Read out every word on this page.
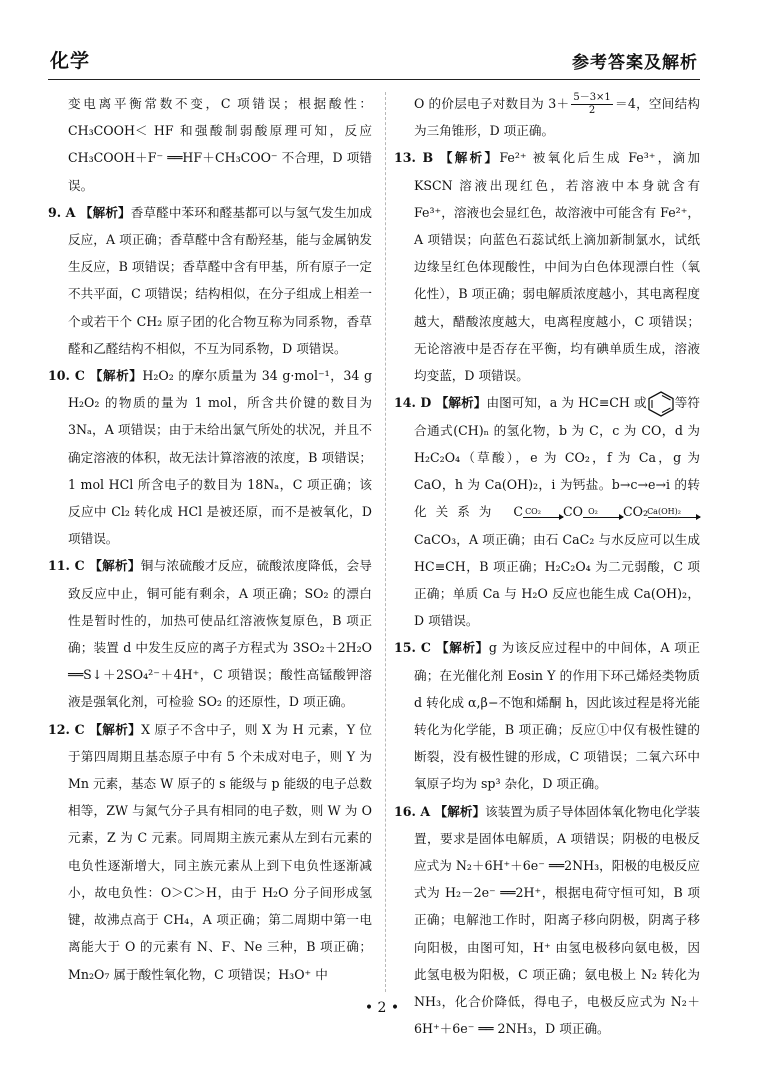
化学	参考答案及解析

变电离平衡常数不变，C 项错误；根据酸性：CH₃COOH＜ HF 和强酸制弱酸原理可知，反应 CH₃COOH＋F⁻ ══HF＋CH₃COO⁻ 不合理，D 项错误。

9. A 【解析】香草醛中苯环和醛基都可以与氢气发生加成反应，A 项正确；香草醛中含有酚羟基，能与金属钠发生反应，B 项错误；香草醛中含有甲基，所有原子一定不共平面，C 项错误；结构相似，在分子组成上相差一个或若干个 CH₂ 原子团的化合物互称为同系物，香草醛和乙醛结构不相似，不互为同系物，D 项错误。

10. C 【解析】H₂O₂ 的摩尔质量为 34 g·mol⁻¹，34 g H₂O₂ 的物质的量为 1 mol，所含共价键的数目为 3Nₐ，A 项错误；由于未给出氯气所处的状况，并且不确定溶液的体积，故无法计算溶液的浓度，B 项错误；1 mol HCl 所含电子的数目为 18Nₐ，C 项正确；该反应中 Cl₂ 转化成 HCl 是被还原，而不是被氧化，D 项错误。

11. C 【解析】铜与浓硫酸才反应，硫酸浓度降低，会导致反应中止，铜可能有剩余，A 项正确；SO₂ 的漂白性是暂时性的，加热可使品红溶液恢复原色，B 项正确；装置 d 中发生反应的离子方程式为 3SO₂＋2H₂O ══S↓＋2SO₄²⁻＋4H⁺，C 项错误；酸性高锰酸钾溶液是强氧化剂，可检验 SO₂ 的还原性，D 项正确。

12. C 【解析】X 原子不含中子，则 X 为 H 元素，Y 位于第四周期且基态原子中有 5 个未成对电子，则 Y 为 Mn 元素，基态 W 原子的 s 能级与 p 能级的电子总数相等，ZW 与氮气分子具有相同的电子数，则 W 为 O 元素，Z 为 C 元素。同周期主族元素从左到右元素的电负性逐渐增大，同主族元素从上到下电负性逐渐减小，故电负性：O＞C＞H，由于 H₂O 分子间形成氢键，故沸点高于 CH₄，A 项正确；第二周期中第一电离能大于 O 的元素有 N、F、Ne 三种，B 项正确；Mn₂O₇ 属于酸性氧化物，C 项错误；H₃O⁺ 中

O 的价层电子对数目为 $3+ \frac{5-3\times 1}{2} =4$，空间结构为三角锥形，D 项正确。

13. B 【解析】Fe²⁺ 被氧化后生成 Fe³⁺，滴加 KSCN 溶液出现红色，若溶液中本身就含有 Fe³⁺，溶液也会显红色，故溶液中可能含有 Fe²⁺，A 项错误；向蓝色石蕊试纸上滴加新制氯水，试纸边缘呈红色体现酸性，中间为白色体现漂白性（氧化性），B 项正确；弱电解质浓度越小，其电离程度越大，醋酸浓度越大，电离程度越小，C 项错误；无论溶液中是否存在平衡，均有碘单质生成，溶液均变蓝，D 项错误。

14. D 【解析】由图可知，a 为 HC≡CH 或 等符合通式(CH)ₙ 的氢化物，b 为 C，c 为 CO，d 为 H₂C₂O₄（草酸），e 为 CO₂，f 为 Ca，g 为 CaO，h 为 Ca(OH)₂，i 为钙盐。b→c→e→i 的转化关系为 C CO₂	CO O₂	CO₂ Ca(OH)₂
CaCO₃，A 项正确；由石 CaC₂ 与水反应可以生成 HC≡CH，B 项正确；H₂C₂O₄ 为二元弱酸，C 项正确；单质 Ca 与 H₂O 反应也能生成 Ca(OH)₂，D 项错误。

15. C 【解析】g 为该反应过程中的中间体，A 项正确；在光催化剂 Eosin Y 的作用下环己烯烃类物质 d 转化成 α,β−不饱和烯酮 h，因此该过程是将光能转化为化学能，B 项正确；反应①中仅有极性键的断裂，没有极性键的形成，C 项错误；二氧六环中氧原子均为 sp³ 杂化，D 项正确。

16. A 【解析】该装置为质子导体固体氧化物电化学装置，要求是固体电解质，A 项错误；阴极的电极反应式为 N₂＋6H⁺＋6e⁻ ══2NH₃，阳极的电极反应式为 H₂－2e⁻ ══2H⁺，根据电荷守恒可知，B 项正确；电解池工作时，阳离子移向阴极，阴离子移向阳极，由图可知，H⁺ 由氢电极移向氨电极，因此氢电极为阳极，C 项正确；氨电极上 N₂ 转化为 NH₃，化合价降低，得电子，电极反应式为 N₂＋6H⁺＋6e⁻ ══ 2NH₃，D 项正确。

• 2 •
